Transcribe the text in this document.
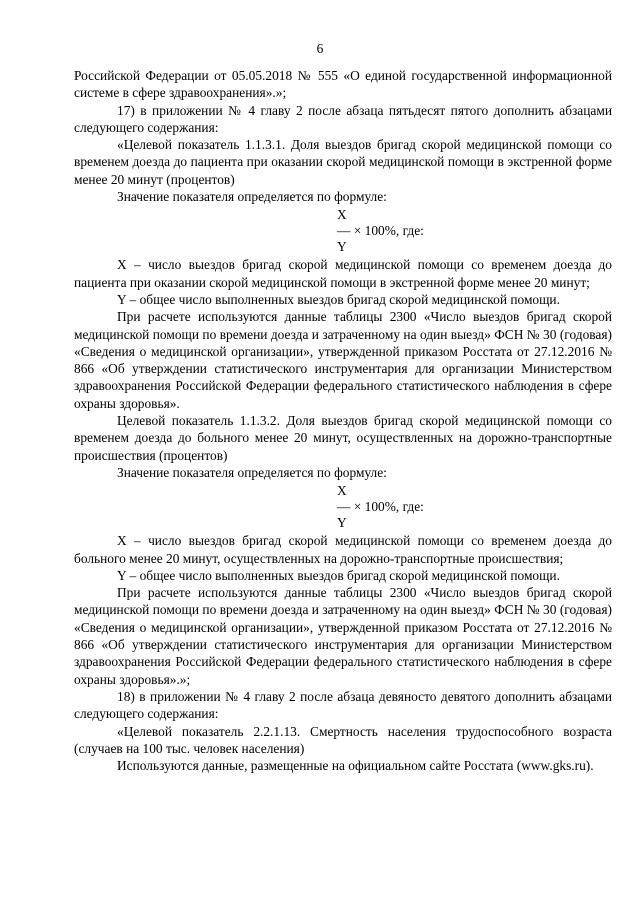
6

Российской Федерации от 05.05.2018 № 555 «О единой государственной информационной системе в сфере здравоохранения».»;

17) в приложении № 4 главу 2 после абзаца пятьдесят пятого дополнить абзацами следующего содержания:

«Целевой показатель 1.1.3.1. Доля выездов бригад скорой медицинской помощи со временем доезда до пациента при оказании скорой медицинской помощи в экстренной форме менее 20 минут (процентов)

Значение показателя определяется по формуле:

X
— × 100%, где:
Y

X – число выездов бригад скорой медицинской помощи со временем доезда до пациента при оказании скорой медицинской помощи в экстренной форме менее 20 минут;

Y – общее число выполненных выездов бригад скорой медицинской помощи.

При расчете используются данные таблицы 2300 «Число выездов бригад скорой медицинской помощи по времени доезда и затраченному на один выезд» ФСН № 30 (годовая) «Сведения о медицинской организации», утвержденной приказом Росстата от 27.12.2016 № 866 «Об утверждении статистического инструментария для организации Министерством здравоохранения Российской Федерации федерального статистического наблюдения в сфере охраны здоровья».

Целевой показатель 1.1.3.2. Доля выездов бригад скорой медицинской помощи со временем доезда до больного менее 20 минут, осуществленных на дорожно-транспортные происшествия (процентов)

Значение показателя определяется по формуле:

X
— × 100%, где:
Y

X – число выездов бригад скорой медицинской помощи со временем доезда до больного менее 20 минут, осуществленных на дорожно-транспортные происшествия;

Y – общее число выполненных выездов бригад скорой медицинской помощи.

При расчете используются данные таблицы 2300 «Число выездов бригад скорой медицинской помощи по времени доезда и затраченному на один выезд» ФСН № 30 (годовая) «Сведения о медицинской организации», утвержденной приказом Росстата от 27.12.2016 № 866 «Об утверждении статистического инструментария для организации Министерством здравоохранения Российской Федерации федерального статистического наблюдения в сфере охраны здоровья».»;

18) в приложении № 4 главу 2 после абзаца девяносто девятого дополнить абзацами следующего содержания:

«Целевой показатель 2.2.1.13. Смертность населения трудоспособного возраста (случаев на 100 тыс. человек населения)

Используются данные, размещенные на официальном сайте Росстата (www.gks.ru).
